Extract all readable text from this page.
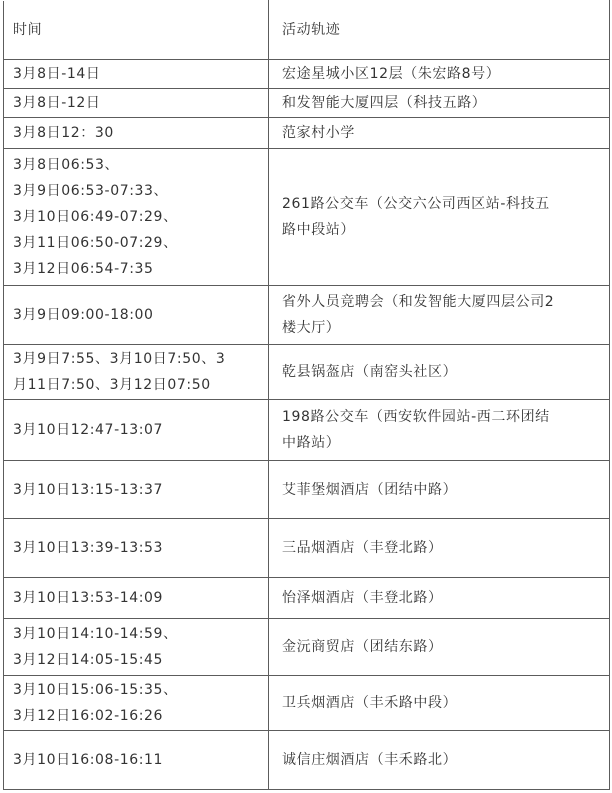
时间	活动轨迹

3月8日-14日	宏途星城小区12层（朱宏路8号）

3月8日-12日	和发智能大厦四层（科技五路）

3月8日12：30	范家村小学

3月8日06:53、
3月9日06:53-07:33、
3月10日06:49-07:29、
3月11日06:50-07:29、
3月12日06:54-7:35	261路公交车（公交六公司西区站-科技五
路中段站）

3月9日09:00-18:00	省外人员竞聘会（和发智能大厦四层公司2
楼大厅）

3月9日7:55、3月10日7:50、3
月11日7:50、3月12日07:50	乾县锅盔店（南窑头社区）

3月10日12:47-13:07	198路公交车（西安软件园站-西二环团结
中路站）

3月10日13:15-13:37	艾菲堡烟酒店（团结中路）

3月10日13:39-13:53	三品烟酒店（丰登北路）

3月10日13:53-14:09	怡泽烟酒店（丰登北路）

3月10日14:10-14:59、
3月12日14:05-15:45	金沅商贸店（团结东路）

3月10日15:06-15:35、
3月12日16:02-16:26	卫兵烟酒店（丰禾路中段）

3月10日16:08-16:11	诚信庄烟酒店（丰禾路北）
